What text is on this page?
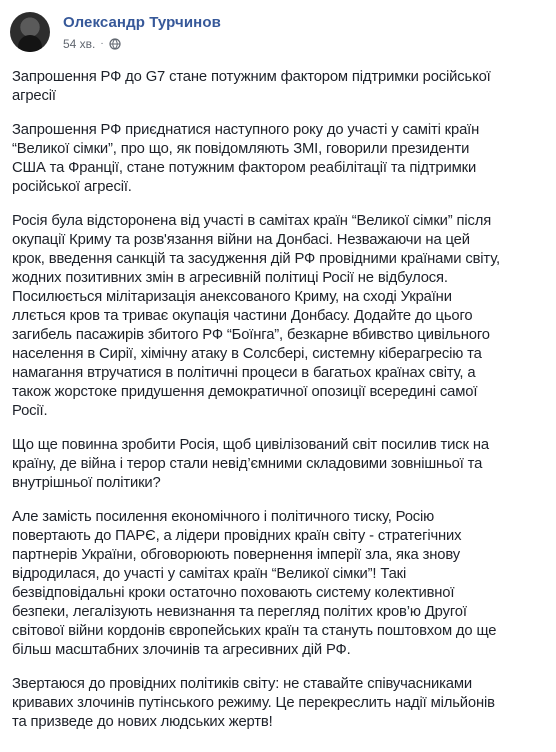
Олександр Турчинов
54 хв. ·

Запрошення РФ до G7 стане потужним фактором підтримки російської
агресії

Запрошення РФ приєднатися наступного року до участі у саміті країн
“Великої сімки”, про що, як повідомляють ЗМІ, говорили президенти
США та Франції, стане потужним фактором реабілітації та підтримки
російської агресії.

Росія була відсторонена від участі в самітах країн “Великої сімки” після
окупації Криму та розв'язання війни на Донбасі. Незважаючи на цей
крок, введення санкцій та засудження дій РФ провідними країнами світу,
жодних позитивних змін в агресивній політиці Росії не відбулося.
Посилюється мілітаризація анексованого Криму, на сході України
ллється кров та триває окупація частини Донбасу. Додайте до цього
загибель пасажирів збитого РФ “Боїнга”, безкарне вбивство цивільного
населення в Сирії, хімічну атаку в Солсбері, системну кіберагресію та
намагання втручатися в політичні процеси в багатьох країнах світу, а
також жорстоке придушення демократичної опозиції всередині самої
Росії.

Що ще повинна зробити Росія, щоб цивілізований світ посилив тиск на
країну, де війна і терор стали невід’ємними складовими зовнішньої та
внутрішньої політики?

Але замість посилення економічного і політичного тиску, Росію
повертають до ПАРЄ, а лідери провідних країн світу - стратегічних
партнерів України, обговорюють повернення імперії зла, яка знову
відродилася, до участі у самітах країн “Великої сімки”! Такі
безвідповідальні кроки остаточно поховають систему колективної
безпеки, легалізують невизнання та перегляд політих кров’ю Другої
світової війни кордонів європейських країн та стануть поштовхом до ще
більш масштабних злочинів та агресивних дій РФ.

Звертаюся до провідних політиків світу: не ставайте співучасниками
кривавих злочинів путінського режиму. Це перекреслить надії мільйонів
та призведе до нових людських жертв!
